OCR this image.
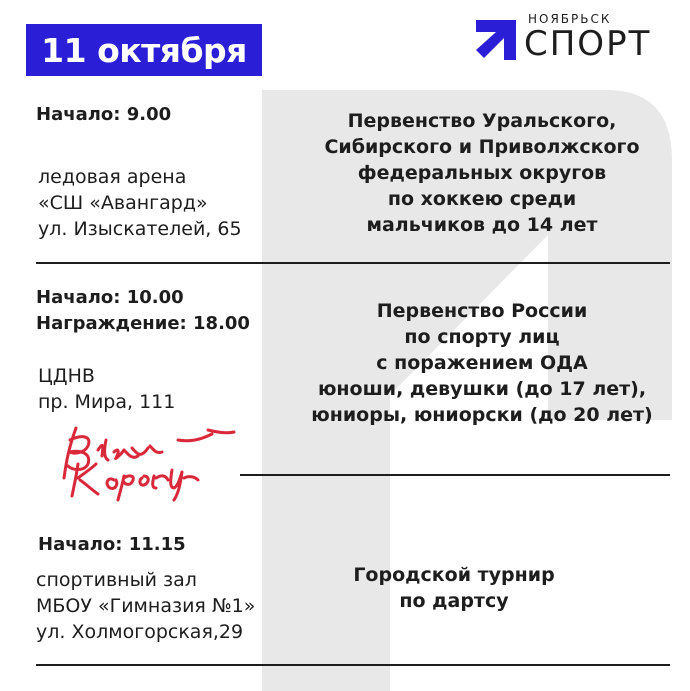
11 октября
НОЯБРЬСК
СПОРТ
Начало: 9.00
ледовая арена
«СШ «Авангард»
ул. Изыскателей, 65
Первенство Уральского,
Сибирского и Приволжского
федеральных округов
по хоккею среди
мальчиков до 14 лет
Начало: 10.00
Награждение: 18.00
ЦДНВ
пр. Мира, 111
Первенство России
по спорту лиц
с поражением ОДА
юноши, девушки (до 17 лет),
юниоры, юниорски (до 20 лет)
Начало: 11.15
спортивный зал
МБОУ «Гимназия №1»
ул. Холмогорская,29
Городской турнир
по дартсу
